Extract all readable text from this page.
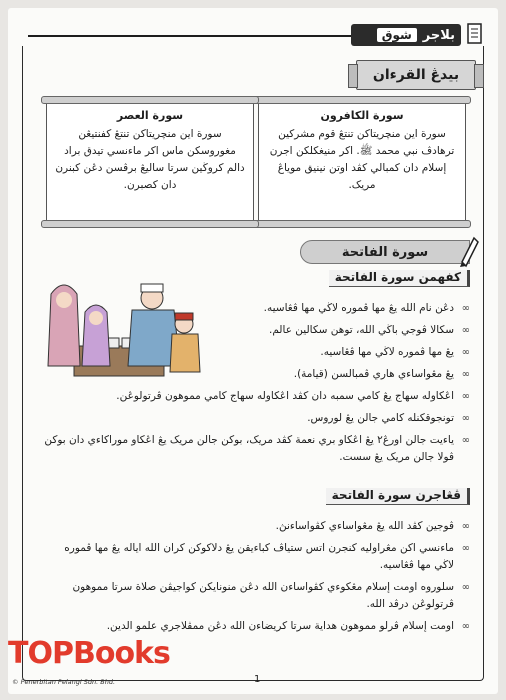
شوق بلاجر
بيدڠ القرءان
سورة الكافرون
سورة اين منچريتاکن تنتڠ قوم مشرکين ترهادڤ نبي محمد ﷺ. اکر منيغکلکن اجرن إسلام دان کمبالي کڤد اوتن نينيق موياڠ مريک.
سورة العصر
سورة اين منچريتاکن تنتڠ کفنتيڠن مغوروسکن ماس اکر ماءنسي تيدق براد دالم کروڬين سرتا ساليڠ برڤسن دڠن کبنرن دان کصبرن.
سورة الفاتحة
کفهمن سورة الفاتحة
∞ دڠن نام الله يڠ مها ڤموره لاڬي مها ڤڠاسيه.
∞ سکالا ڤوجي باڬي الله، توهن سکالين عالم.
∞ يڠ مها ڤموره لاڬي مها ڤڠاسيه.
∞ يڠ مڠواساءي هاري ڤمبالسن (قيامة).
∞ اڠکاوله سهاج يڠ کامي سمبه دان کڤد اڠکاوله سهاج کامي مموهون ڤرتولوڠن.
∞ تونجوقکنله کامي جالن يڠ لوروس.
∞ ياءيت جالن اورڠ٢ يڠ اڠکاو بري نعمة کڤد مريک، بوکن جالن مريک يڠ اڠکاو موراکاءي دان بوکن ڤولا جالن مريک يڠ سست.
ڤڠاجرن سورة الفاتحة
∞ ڤوجين کڤد الله يڠ مڠواساءي کڤواساءنڽ.
∞ ماءنسي اکن مڠراوليه کنجرن اتس ستياڤ کباءيقن يڠ دلاکوکن کران الله اياله يڠ مها ڤموره لاڬي مها ڤڠاسيه.
∞ سلوروه اومت إسلام مڠکوءي کڤواساءن الله دڠن منونايکن کواجيڤن صلاة سرتا مموهون ڤرتولوڠن درڤد الله.
∞ اومت إسلام ڤرلو مموهون هداية سرتا کريضاءن الله دڠن ممڤلاجري علمو الدين.
TOPBooks
© Penerbitan Pelangi Sdn. Bhd.	1
